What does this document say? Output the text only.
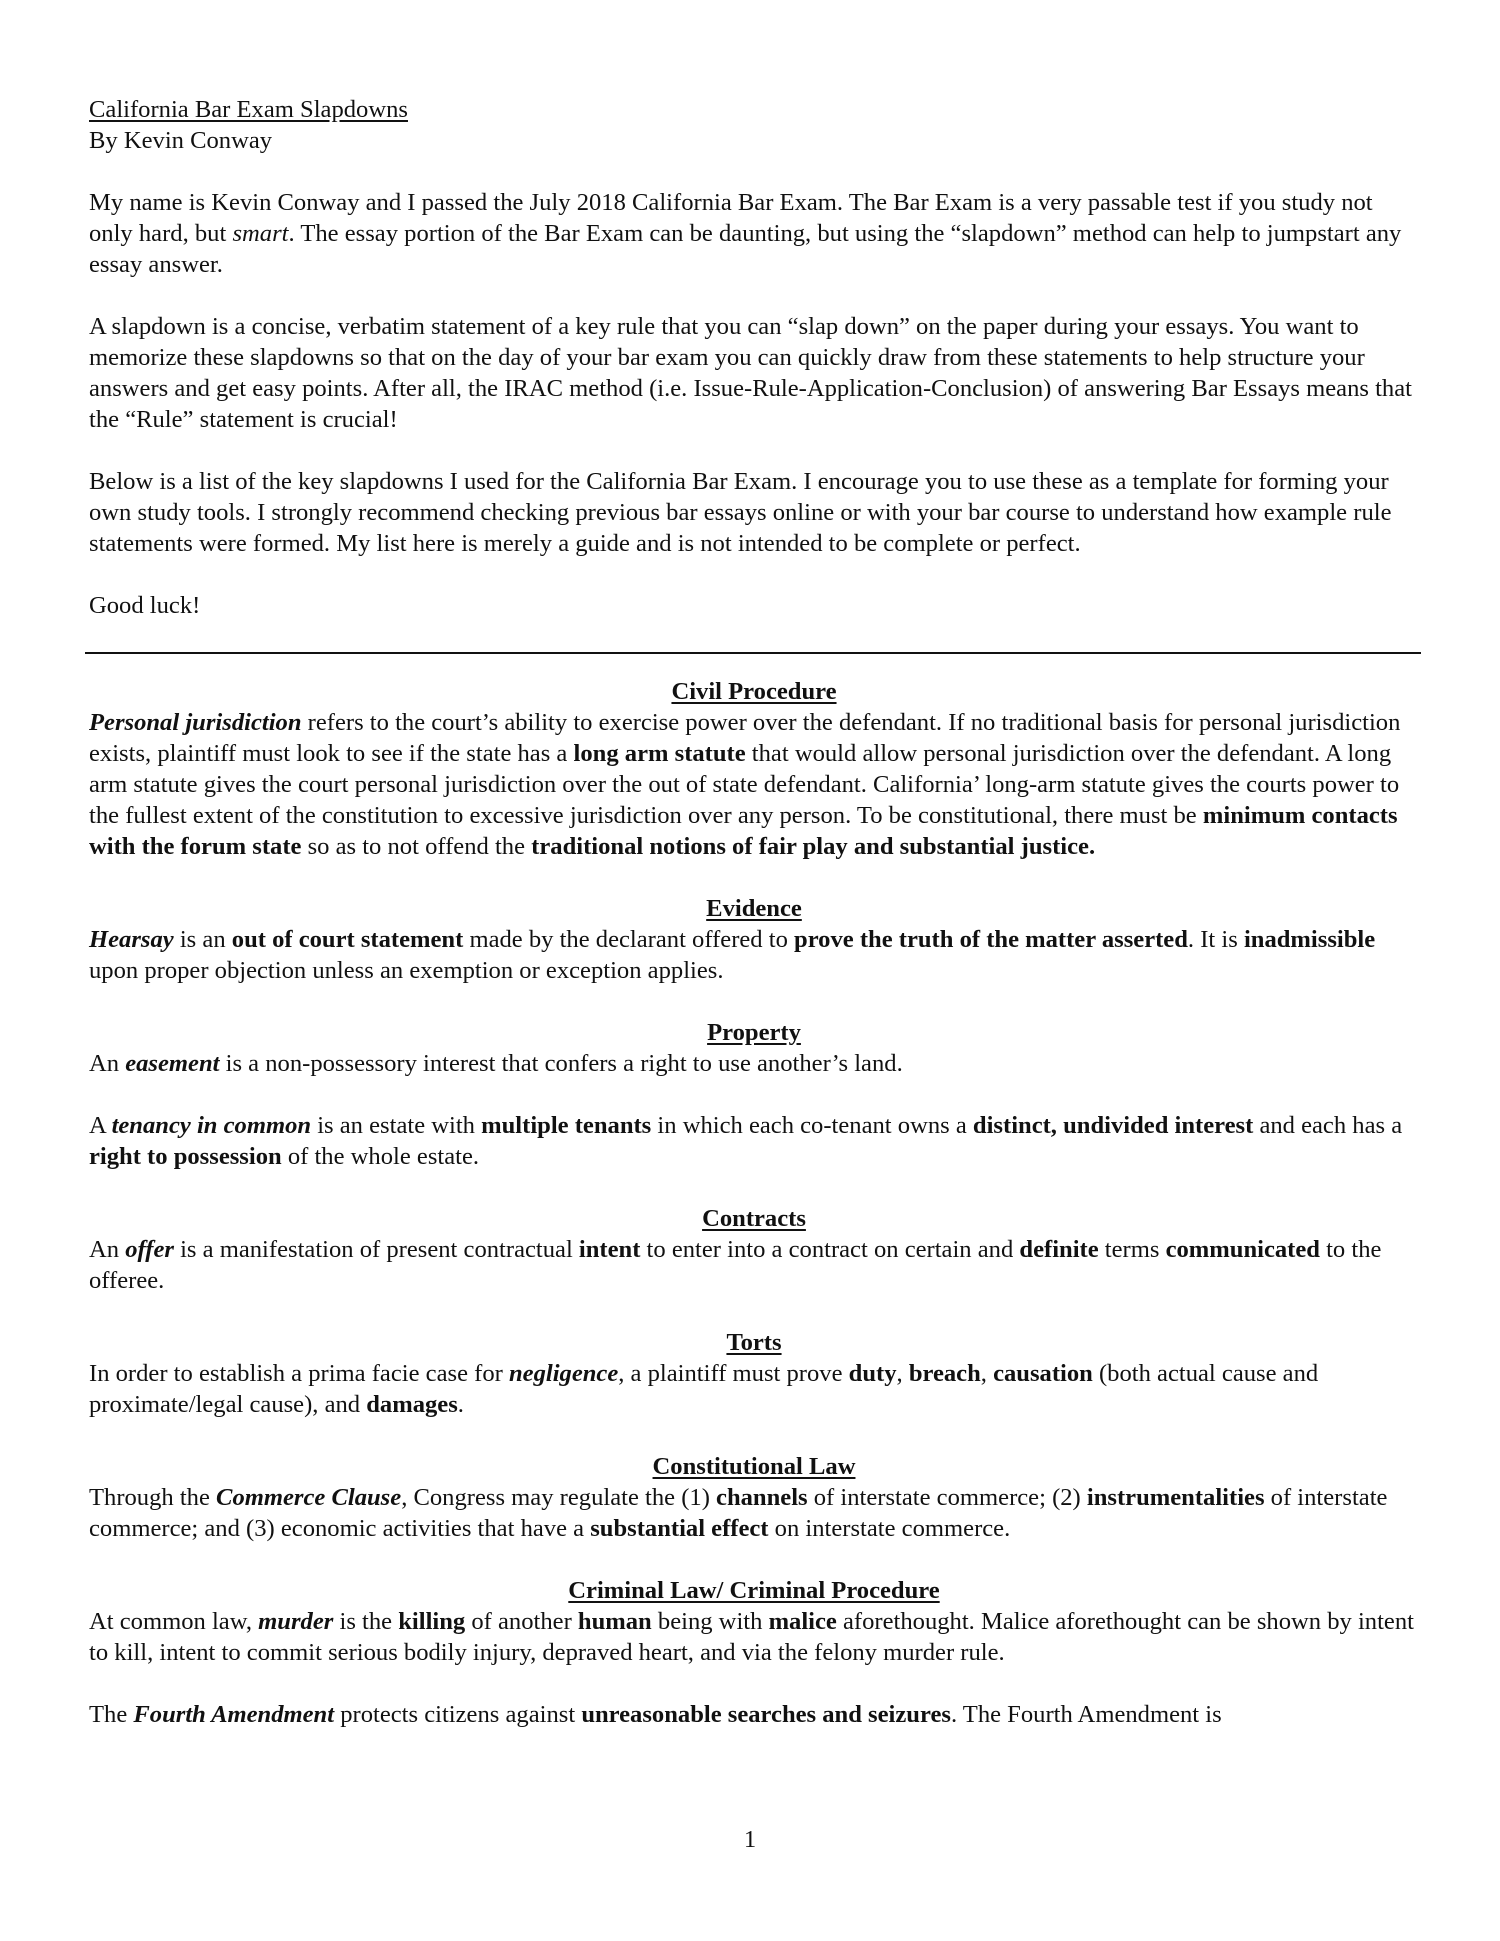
California Bar Exam Slapdowns
By Kevin Conway
My name is Kevin Conway and I passed the July 2018 California Bar Exam. The Bar Exam is a very passable test if you study not only hard, but smart. The essay portion of the Bar Exam can be daunting, but using the “slapdown” method can help to jumpstart any essay answer.
A slapdown is a concise, verbatim statement of a key rule that you can “slap down” on the paper during your essays. You want to memorize these slapdowns so that on the day of your bar exam you can quickly draw from these statements to help structure your answers and get easy points. After all, the IRAC method (i.e. Issue-Rule-Application-Conclusion) of answering Bar Essays means that the “Rule” statement is crucial!
Below is a list of the key slapdowns I used for the California Bar Exam. I encourage you to use these as a template for forming your own study tools. I strongly recommend checking previous bar essays online or with your bar course to understand how example rule statements were formed. My list here is merely a guide and is not intended to be complete or perfect.
Good luck!
Civil Procedure
Personal jurisdiction refers to the court’s ability to exercise power over the defendant. If no traditional basis for personal jurisdiction exists, plaintiff must look to see if the state has a long arm statute that would allow personal jurisdiction over the defendant. A long arm statute gives the court personal jurisdiction over the out of state defendant. California’ long-arm statute gives the courts power to the fullest extent of the constitution to excessive jurisdiction over any person. To be constitutional, there must be minimum contacts with the forum state so as to not offend the traditional notions of fair play and substantial justice.
Evidence
Hearsay is an out of court statement made by the declarant offered to prove the truth of the matter asserted. It is inadmissible upon proper objection unless an exemption or exception applies.
Property
An easement is a non-possessory interest that confers a right to use another’s land.
A tenancy in common is an estate with multiple tenants in which each co-tenant owns a distinct, undivided interest and each has a right to possession of the whole estate.
Contracts
An offer is a manifestation of present contractual intent to enter into a contract on certain and definite terms communicated to the offeree.
Torts
In order to establish a prima facie case for negligence, a plaintiff must prove duty, breach, causation (both actual cause and proximate/legal cause), and damages.
Constitutional Law
Through the Commerce Clause, Congress may regulate the (1) channels of interstate commerce; (2) instrumentalities of interstate commerce; and (3) economic activities that have a substantial effect on interstate commerce.
Criminal Law/ Criminal Procedure
At common law, murder is the killing of another human being with malice aforethought. Malice aforethought can be shown by intent to kill, intent to commit serious bodily injury, depraved heart, and via the felony murder rule.
The Fourth Amendment protects citizens against unreasonable searches and seizures. The Fourth Amendment is
1
